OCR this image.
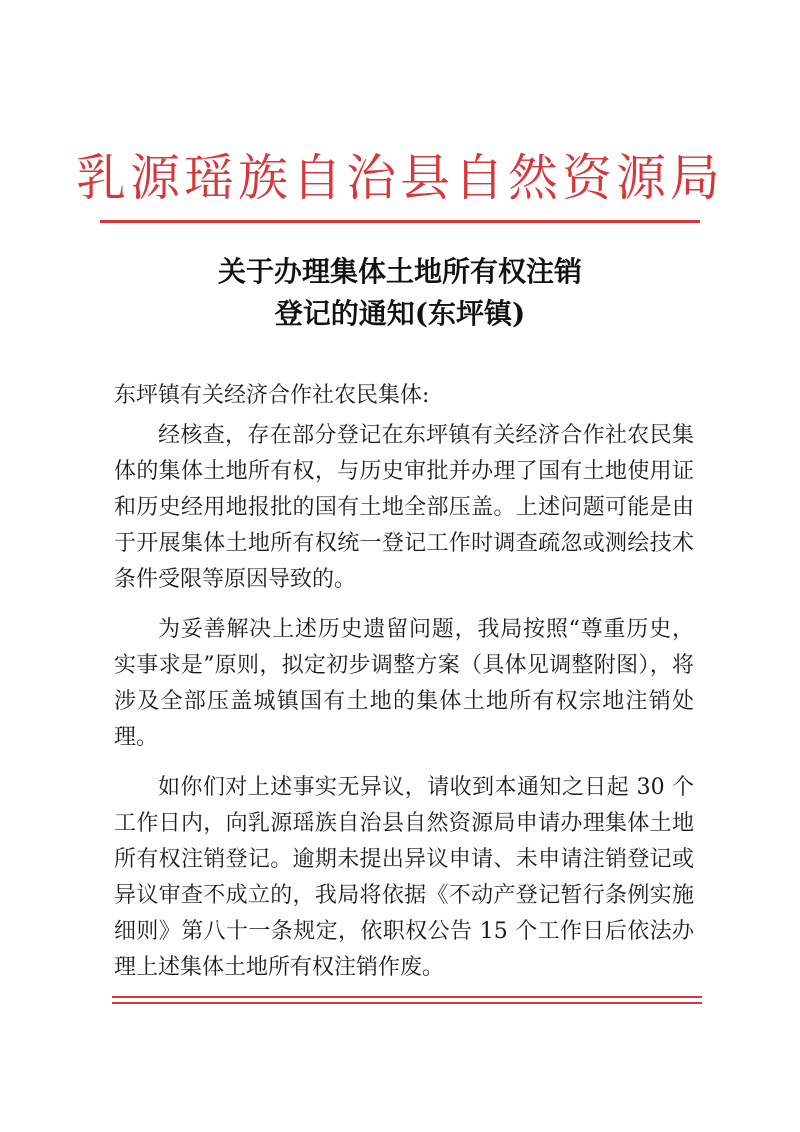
乳源瑶族自治县自然资源局
关于办理集体土地所有权注销
登记的通知(东坪镇)
东坪镇有关经济合作社农民集体:

经核查，存在部分登记在东坪镇有关经济合作社农民集体的集体土地所有权，与历史审批并办理了国有土地使用证和历史经用地报批的国有土地全部压盖。上述问题可能是由于开展集体土地所有权统一登记工作时调查疏忽或测绘技术条件受限等原因导致的。

为妥善解决上述历史遗留问题，我局按照“尊重历史，实事求是”原则，拟定初步调整方案（具体见调整附图），将涉及全部压盖城镇国有土地的集体土地所有权宗地注销处理。

如你们对上述事实无异议，请收到本通知之日起 30 个工作日内，向乳源瑶族自治县自然资源局申请办理集体土地所有权注销登记。逾期未提出异议申请、未申请注销登记或异议审查不成立的，我局将依据《不动产登记暂行条例实施细则》第八十一条规定，依职权公告 15 个工作日后依法办理上述集体土地所有权注销作废。
